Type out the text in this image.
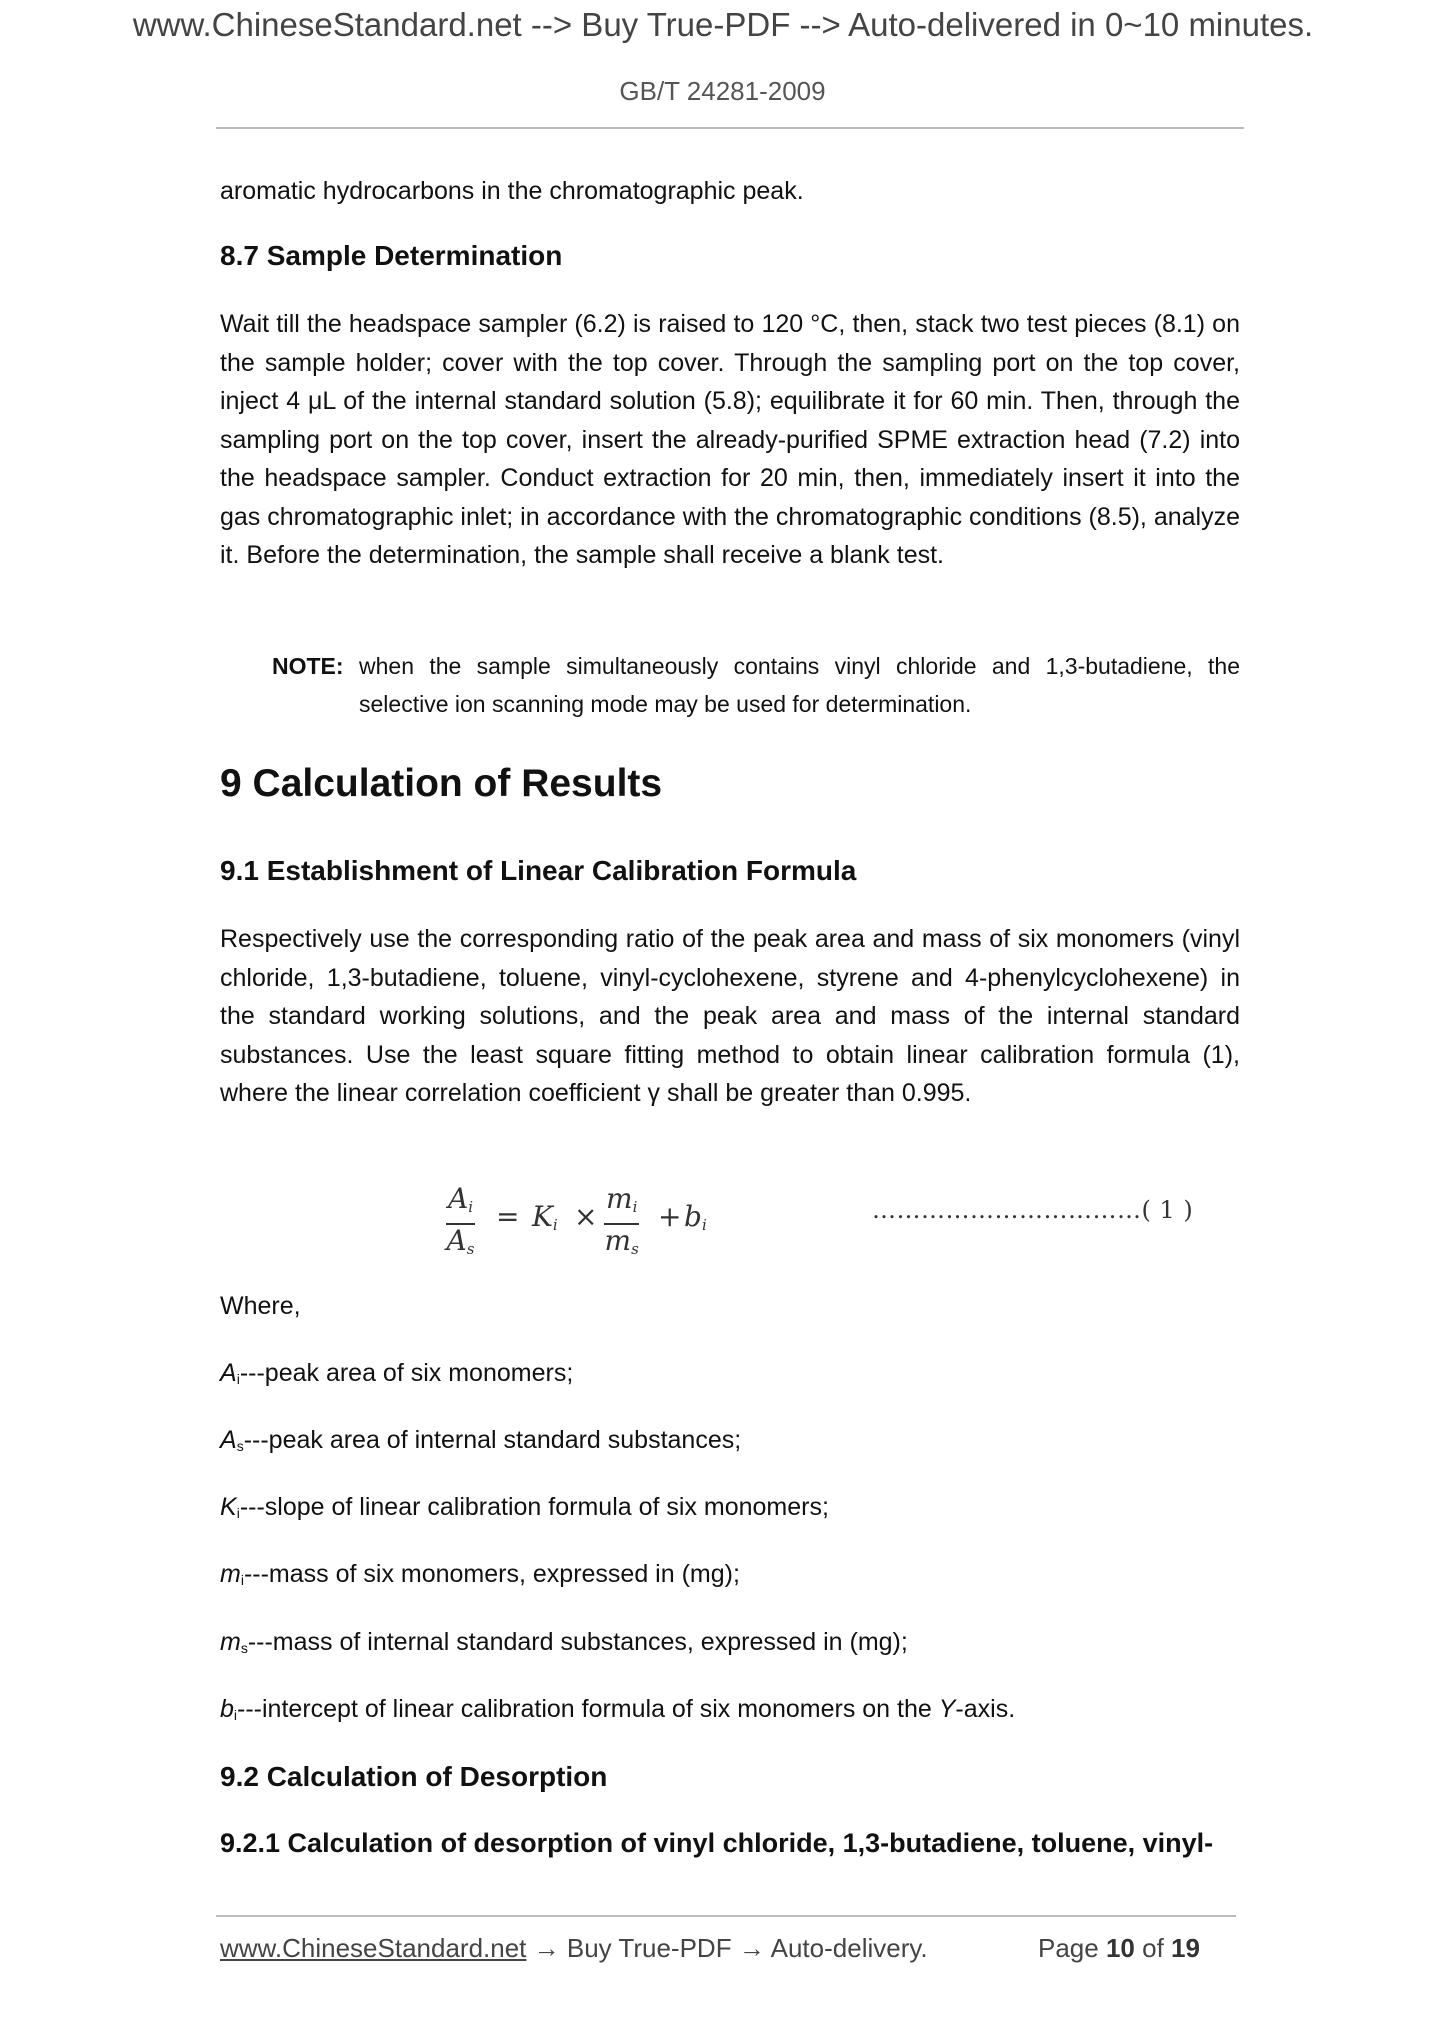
www.ChineseStandard.net --> Buy True-PDF --> Auto-delivered in 0~10 minutes.
GB/T 24281-2009
aromatic hydrocarbons in the chromatographic peak.
8.7 Sample Determination
Wait till the headspace sampler (6.2) is raised to 120 °C, then, stack two test pieces (8.1) on the sample holder; cover with the top cover. Through the sampling port on the top cover, inject 4 μL of the internal standard solution (5.8); equilibrate it for 60 min. Then, through the sampling port on the top cover, insert the already-purified SPME extraction head (7.2) into the headspace sampler. Conduct extraction for 20 min, then, immediately insert it into the gas chromatographic inlet; in accordance with the chromatographic conditions (8.5), analyze it. Before the determination, the sample shall receive a blank test.
NOTE: when the sample simultaneously contains vinyl chloride and 1,3-butadiene, the selective ion scanning mode may be used for determination.
9 Calculation of Results
9.1 Establishment of Linear Calibration Formula
Respectively use the corresponding ratio of the peak area and mass of six monomers (vinyl chloride, 1,3-butadiene, toluene, vinyl-cyclohexene, styrene and 4-phenylcyclohexene) in the standard working solutions, and the peak area and mass of the internal standard substances. Use the least square fitting method to obtain linear calibration formula (1), where the linear correlation coefficient γ shall be greater than 0.995.
$\frac{A_i}{A_s} = K_i \times \frac{m_i}{m_s} + b_i$
……………………………( 1 )
Where,
$A_i--$-peak area of six monomers;
$A_s--$-peak area of internal standard substances;
$K_i--$-slope of linear calibration formula of six monomers;
$m_i--$-mass of six monomers, expressed in (mg);
$m_s--$-mass of internal standard substances, expressed in (mg);
$b_i--$-intercept of linear calibration formula of six monomers on the Y-axis.
9.2 Calculation of Desorption
9.2.1 Calculation of desorption of vinyl chloride, 1,3-butadiene, toluene, vinyl-
www.ChineseStandard.net → Buy True-PDF → Auto-delivery.	Page 10 of 19
